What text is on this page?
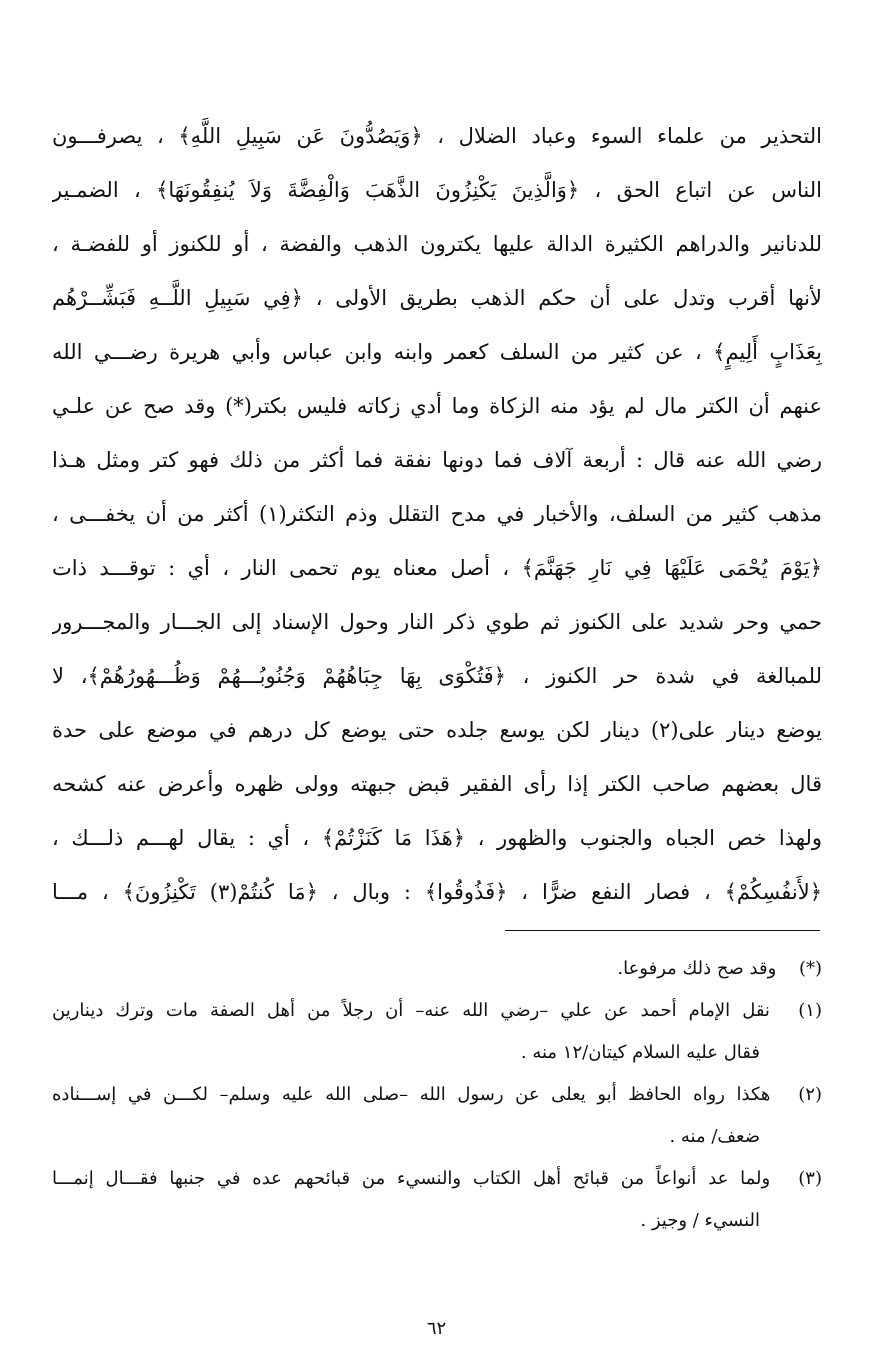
التحذير من علماء السوء وعباد الضلال ، ﴿وَيَصُدُّونَ عَن سَبِيلِ اللَّهِ﴾ ، يصرفـــون
الناس عن اتباع الحق ، ﴿وَالَّذِينَ يَكْنِزُونَ الذَّهَبَ وَالْفِضَّةَ وَلاَ يُنفِقُونَهَا﴾ ، الضمـير
للدنانير والدراهم الكثيرة الدالة عليها يكترون الذهب والفضة ، أو للكنوز أو للفضـة ،
لأنها أقرب وتدل على أن حكم الذهب بطريق الأولى ، ﴿فِي سَبِيلِ اللَّــهِ فَبَشِّــرْهُم
بِعَذَابٍ أَلِيمٍ﴾ ، عن كثير من السلف كعمر وابنه وابن عباس وأبي هريرة رضـــي الله
عنهم أن الكتر مال لم يؤد منه الزكاة وما أدي زكاته فليس بكتر(*) وقد صح عن علـي
رضي الله عنه قال : أربعة آلاف فما دونها نفقة فما أكثر من ذلك فهو كتر ومثل هـذا
مذهب كثير من السلف، والأخبار في مدح التقلل وذم التكثر(١) أكثر من أن يخفـــى ،
﴿يَوْمَ يُحْمَى عَلَيْهَا فِي نَارِ جَهَنَّمَ﴾ ، أصل معناه يوم تحمى النار ، أي : توقـــد ذات
حمي وحر شديد على الكنوز ثم طوي ذكر النار وحول الإسناد إلى الجـــار والمجـــرور
للمبالغة في شدة حر الكنوز ، ﴿فَتُكْوَى بِهَا جِبَاهُهُمْ وَجُنُوبُـــهُمْ وَظُـــهُورُهُمْ﴾، لا
يوضع دينار على(٢) دينار لكن يوسع جلده حتى يوضع كل درهم في موضع على حدة
قال بعضهم صاحب الكتر إذا رأى الفقير قبض جبهته وولى ظهره وأعرض عنه كشحه
ولهذا خص الجباه والجنوب والظهور ، ﴿هَذَا مَا كَنَزْتُمْ﴾ ، أي : يقال لهـــم ذلـــك ،
﴿لأَنفُسِكُمْ﴾ ، فصار النفع ضرًّا ، ﴿فَذُوقُوا﴾ : وبال ، ﴿مَا كُنتُمْ(٣) تَكْنِزُونَ﴾ ، مـــا
(*) وقد صح ذلك مرفوعا.
(١) نقل الإمام أحمد عن علي –رضي الله عنه– أن رجلاً من أهل الصفة مات وترك دينارين
فقال عليه السلام كيتان/١٢ منه .
(٢) هكذا رواه الحافظ أبو يعلى عن رسول الله –صلى الله عليه وسلم– لكـــن في إســـناده
ضعف/ منه .
(٣) ولما عد أنواعاً من قبائح أهل الكتاب والنسيء من قبائحهم عده في جنبها فقـــال إنمـــا
النسيء / وجيز .
٦٢
